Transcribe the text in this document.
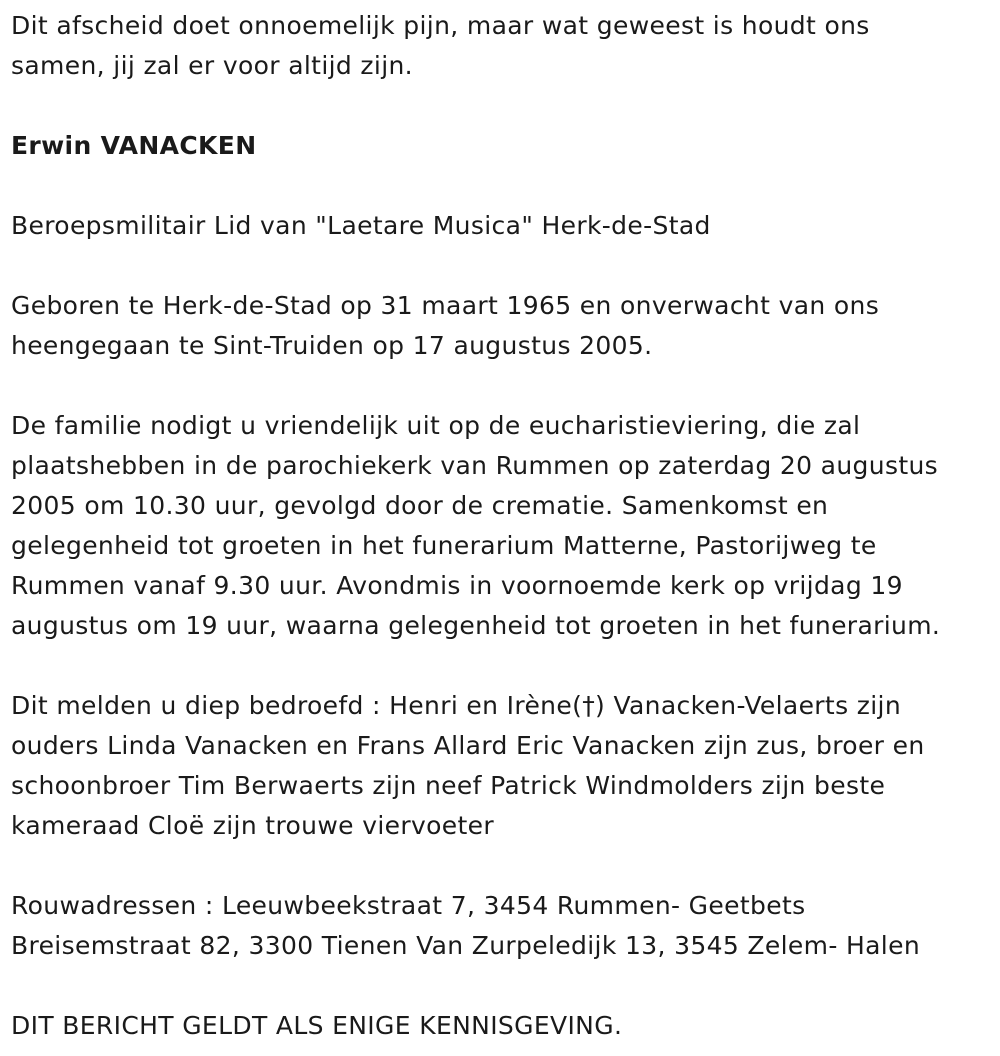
Dit afscheid doet onnoemelijk pijn, maar wat geweest is houdt ons
samen, jij zal er voor altijd zijn.

Erwin VANACKEN

Beroepsmilitair Lid van "Laetare Musica" Herk-de-Stad

Geboren te Herk-de-Stad op 31 maart 1965 en onverwacht van ons
heengegaan te Sint-Truiden op 17 augustus 2005.

De familie nodigt u vriendelijk uit op de eucharistieviering, die zal
plaatshebben in de parochiekerk van Rummen op zaterdag 20 augustus
2005 om 10.30 uur, gevolgd door de crematie. Samenkomst en
gelegenheid tot groeten in het funerarium Matterne, Pastorijweg te
Rummen vanaf 9.30 uur. Avondmis in voornoemde kerk op vrijdag 19
augustus om 19 uur, waarna gelegenheid tot groeten in het funerarium.

Dit melden u diep bedroefd : Henri en Irène(†) Vanacken-Velaerts zijn
ouders Linda Vanacken en Frans Allard Eric Vanacken zijn zus, broer en
schoonbroer Tim Berwaerts zijn neef Patrick Windmolders zijn beste
kameraad Cloë zijn trouwe viervoeter

Rouwadressen : Leeuwbeekstraat 7, 3454 Rummen- Geetbets
Breisemstraat 82, 3300 Tienen Van Zurpeledijk 13, 3545 Zelem- Halen

DIT BERICHT GELDT ALS ENIGE KENNISGEVING.
